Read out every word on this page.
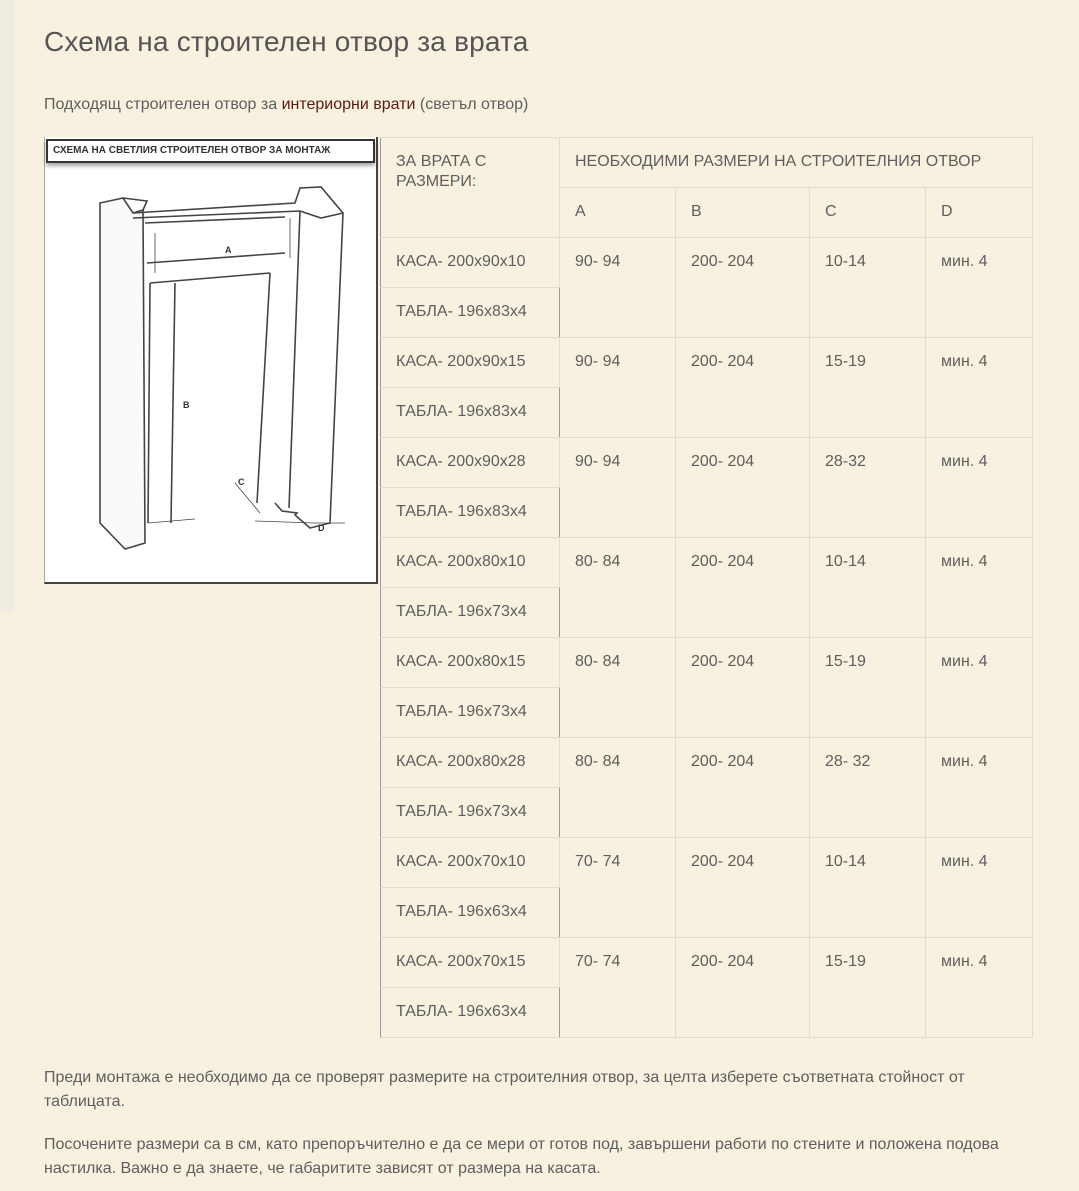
Схема на строителен отвор за врата

Подходящ строителен отвор за интериорни врати (светъл отвор)

СХЕМА НА СВЕТЛИЯ СТРОИТЕЛЕН ОТВОР ЗА МОНТАЖ
A
B
C
D
ЗА ВРАТА С РАЗМЕРИ:	НЕОБХОДИМИ РАЗМЕРИ НА СТРОИТЕЛНИЯ ОТВОР			
	A	B	C	D
КАСА- 200x90x10	90- 94	200- 204	10-14	мин. 4
ТАБЛА- 196x83x4				
КАСА- 200x90x15	90- 94	200- 204	15-19	мин. 4
ТАБЛА- 196x83x4				
КАСА- 200x90x28	90- 94	200- 204	28-32	мин. 4
ТАБЛА- 196x83x4				
КАСА- 200x80x10	80- 84	200- 204	10-14	мин. 4
ТАБЛА- 196x73x4				
КАСА- 200x80x15	80- 84	200- 204	15-19	мин. 4
ТАБЛА- 196x73x4				
КАСА- 200x80x28	80- 84	200- 204	28- 32	мин. 4
ТАБЛА- 196x73x4				
КАСА- 200x70x10	70- 74	200- 204	10-14	мин. 4
ТАБЛА- 196x63x4				
КАСА- 200x70x15	70- 74	200- 204	15-19	мин. 4
ТАБЛА- 196x63x4				

Преди монтажа е необходимо да се проверят размерите на строителния отвор, за целта изберете съответната стойност от таблицата.

Посочените размери са в см, като препоръчително е да се мери от готов под, завършени работи по стените и положена подова настилка. Важно е да знаете, че габаритите зависят от размера на касата.
